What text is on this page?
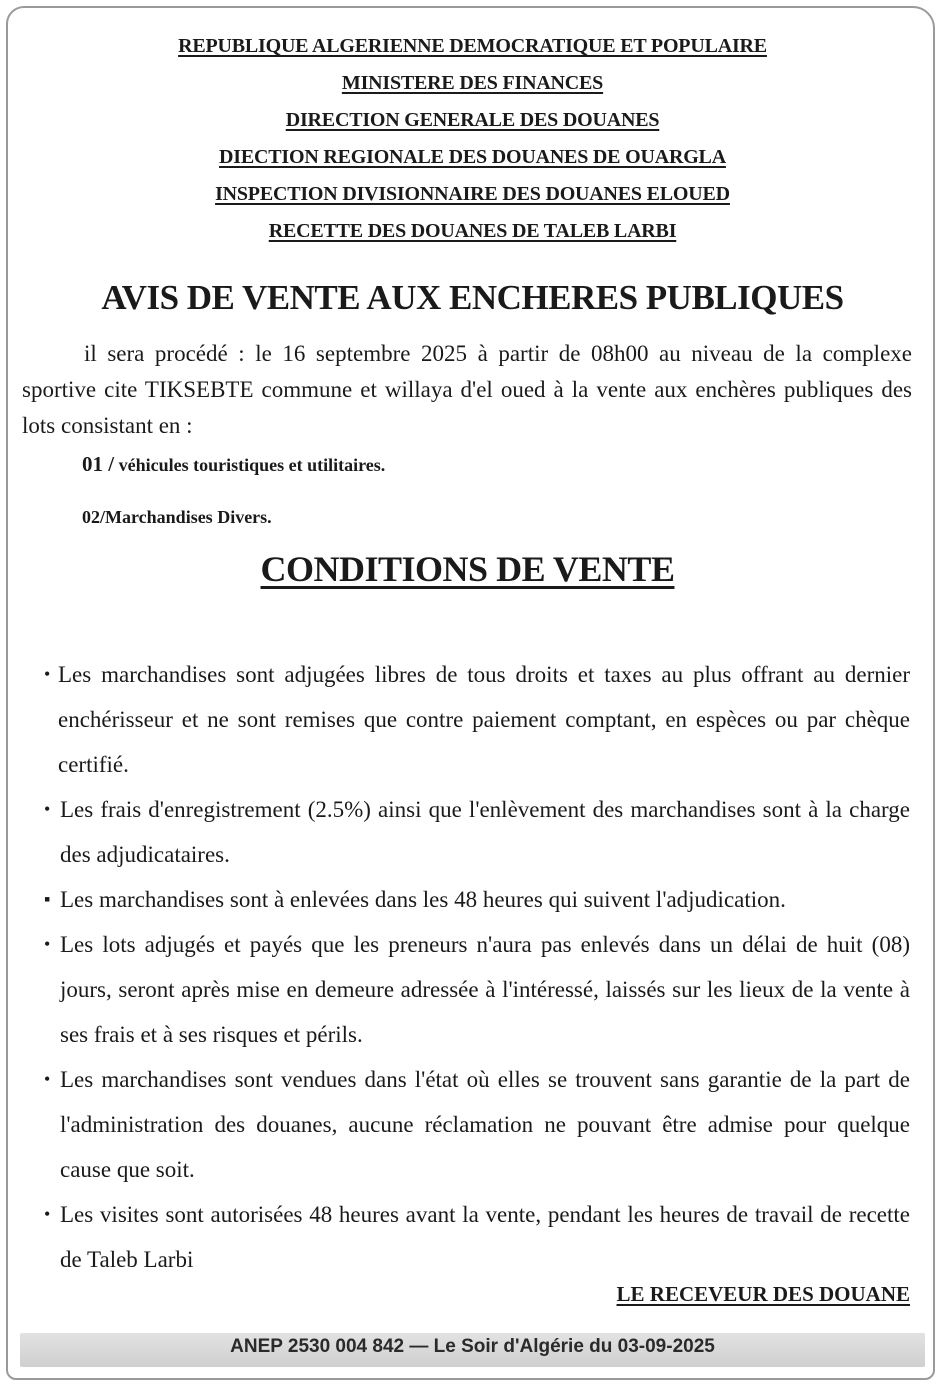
REPUBLIQUE ALGERIENNE DEMOCRATIQUE ET POPULAIRE
MINISTERE DES FINANCES
DIRECTION GENERALE DES DOUANES
DIECTION REGIONALE DES DOUANES DE OUARGLA
INSPECTION DIVISIONNAIRE DES DOUANES ELOUED
RECETTE DES DOUANES DE TALEB LARBI
AVIS DE VENTE AUX ENCHERES PUBLIQUES
il sera procédé : le 16 septembre 2025 à partir de 08h00 au niveau de la complexe sportive cite TIKSEBTE commune et willaya d'el oued à la vente aux enchères publiques des lots consistant en :
01 / véhicules touristiques et utilitaires.
02/Marchandises Divers.
CONDITIONS DE VENTE
• Les marchandises sont adjugées libres de tous droits et taxes au plus offrant au dernier enchérisseur et ne sont remises que contre paiement comptant, en espèces ou par chèque certifié.
• Les frais d'enregistrement (2.5%) ainsi que l'enlèvement des marchandises sont à la charge des adjudicataires.
▪ Les marchandises sont à enlevées dans les 48 heures qui suivent l'adjudication.
• Les lots adjugés et payés que les preneurs n'aura pas enlevés dans un délai de huit (08) jours, seront après mise en demeure adressée à l'intéressé, laissés sur les lieux de la vente à ses frais et à ses risques et périls.
• Les marchandises sont vendues dans l'état où elles se trouvent sans garantie de la part de l'administration des douanes, aucune réclamation ne pouvant être admise pour quelque cause que soit.
• Les visites sont autorisées 48 heures avant la vente, pendant les heures de travail de recette de Taleb Larbi
LE RECEVEUR DES DOUANE
ANEP 2530 004 842 — Le Soir d'Algérie du 03-09-2025
